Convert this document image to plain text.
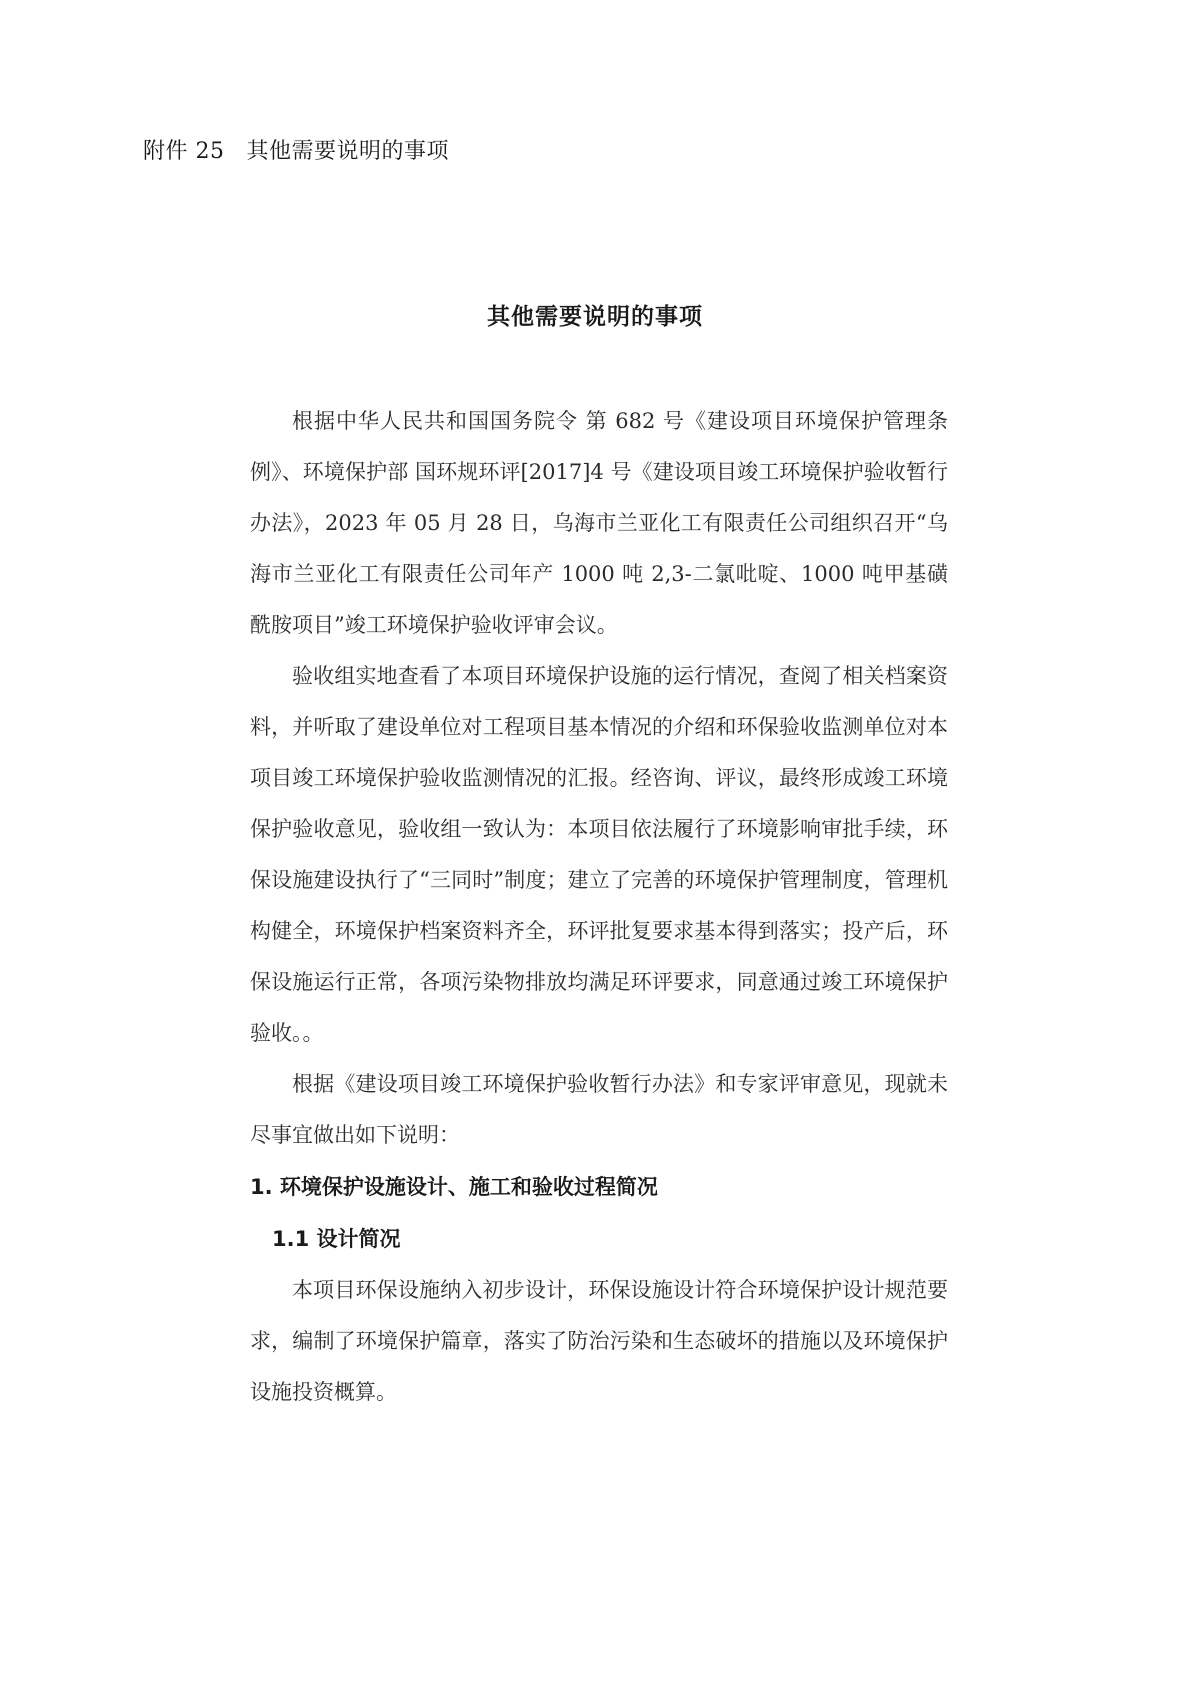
附件 25 其他需要说明的事项
其他需要说明的事项

根据中华人民共和国国务院令 第 682 号《建设项目环境保护管理条例》、环境保护部 国环规环评[2017]4 号《建设项目竣工环境保护验收暂行办法》，2023 年 05 月 28 日，乌海市兰亚化工有限责任公司组织召开“乌海市兰亚化工有限责任公司年产 1000 吨 2,3-二氯吡啶、1000 吨甲基磺酰胺项目”竣工环境保护验收评审会议。

验收组实地查看了本项目环境保护设施的运行情况，查阅了相关档案资料，并听取了建设单位对工程项目基本情况的介绍和环保验收监测单位对本项目竣工环境保护验收监测情况的汇报。经咨询、评议，最终形成竣工环境保护验收意见，验收组一致认为：本项目依法履行了环境影响审批手续，环保设施建设执行了“三同时”制度；建立了完善的环境保护管理制度，管理机构健全，环境保护档案资料齐全，环评批复要求基本得到落实；投产后，环保设施运行正常，各项污染物排放均满足环评要求，同意通过竣工环境保护验收。。

根据《建设项目竣工环境保护验收暂行办法》和专家评审意见，现就未尽事宜做出如下说明：

1. 环境保护设施设计、施工和验收过程简况
1.1 设计简况

本项目环保设施纳入初步设计，环保设施设计符合环境保护设计规范要求，编制了环境保护篇章，落实了防治污染和生态破坏的措施以及环境保护设施投资概算。
